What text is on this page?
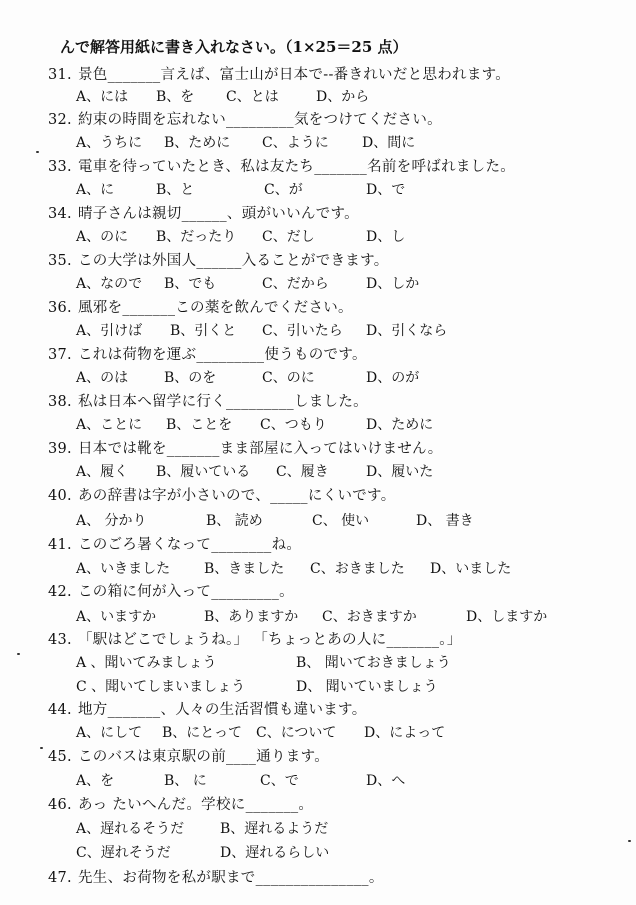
んで解答用紙に書き入れなさい。（1×25＝25 点）
31. 景色_______言えば、富士山が日本で--番きれいだと思われます。
A、には B、を C、とは	D、から
32. 約束の時間を忘れない_________気をつけてください。
A、うちに B、ために C、ように D、間に
33. 電車を待っていたとき、私は友たち_______名前を呼ばれました。
A、に	B、と	C、が	D、で
34. 晴子さんは親切______、頭がいいんです。
A、のに B、だったり C、だし	D、し
35. この大学は外国人______入ることができます。
A、なので B、でも	C、だから	D、しか
36. 風邪を_______この薬を飲んでください。
A、引けば B、引くと C、引いたら D、引くなら
37. これは荷物を運ぶ_________使うものです。
A、のは	B、のを	C、のに	D、のが
38. 私は日本へ留学に行く_________しました。
A、ことに B、ことを C、つもり	D、ために
39. 日本では靴を_______まま部屋に入ってはいけません。
A、履く B、履いている C、履き	D、履いた
40. あの辞書は字が小さいので、_____にくいです。
A、 分かり	B、 読め	C、 使い	D、 書き
41. このごろ暑くなって________ね。
A、いきました B、きました C、おきました D、いました
42. この箱に何が入って_________。
A、いますか	B、ありますか C、おきますか	D、しますか
43. 「駅はどこでしょうね。」 「ちょっとあの人に_______。」
A 、聞いてみましょう	B、 聞いておきましょう
C 、聞いてしまいましょう	D、 聞いていましょう
44. 地方_______、人々の生活習慣も違います。
A、にして B、にとって C、について D、によって
45. このバスは東京駅の前____通ります。
A、を	B、 に	C、で	D、へ
46. あっ たいへんだ。学校に_______。
A、遅れるそうだ	B、遅れるようだ
C、遅れそうだ	D、遅れるらしい
47. 先生、お荷物を私が駅まで_______________。
